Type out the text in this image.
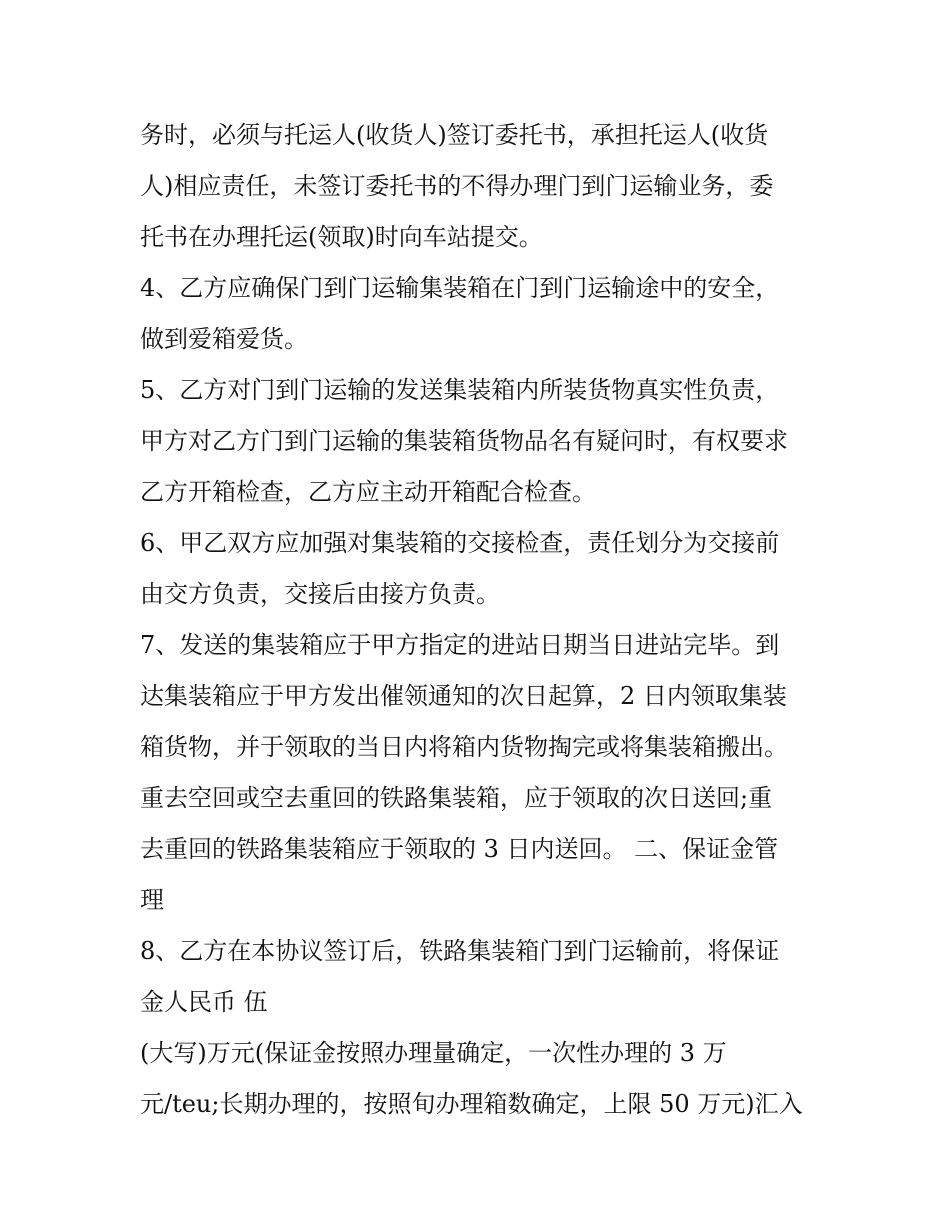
务时，必须与托运人(收货人)签订委托书，承担托运人(收货
人)相应责任，未签订委托书的不得办理门到门运输业务，委
托书在办理托运(领取)时向车站提交。
4、乙方应确保门到门运输集装箱在门到门运输途中的安全，
做到爱箱爱货。
5、乙方对门到门运输的发送集装箱内所装货物真实性负责，
甲方对乙方门到门运输的集装箱货物品名有疑问时，有权要求
乙方开箱检查，乙方应主动开箱配合检查。
6、甲乙双方应加强对集装箱的交接检查，责任划分为交接前
由交方负责，交接后由接方负责。
7、发送的集装箱应于甲方指定的进站日期当日进站完毕。到
达集装箱应于甲方发出催领通知的次日起算，2 日内领取集装
箱货物，并于领取的当日内将箱内货物掏完或将集装箱搬出。
重去空回或空去重回的铁路集装箱，应于领取的次日送回;重
去重回的铁路集装箱应于领取的 3 日内送回。 二、保证金管
理
8、乙方在本协议签订后，铁路集装箱门到门运输前，将保证
金人民币 伍
(大写)万元(保证金按照办理量确定，一次性办理的 3 万
元/teu;长期办理的，按照旬办理箱数确定，上限 50 万元)汇入
